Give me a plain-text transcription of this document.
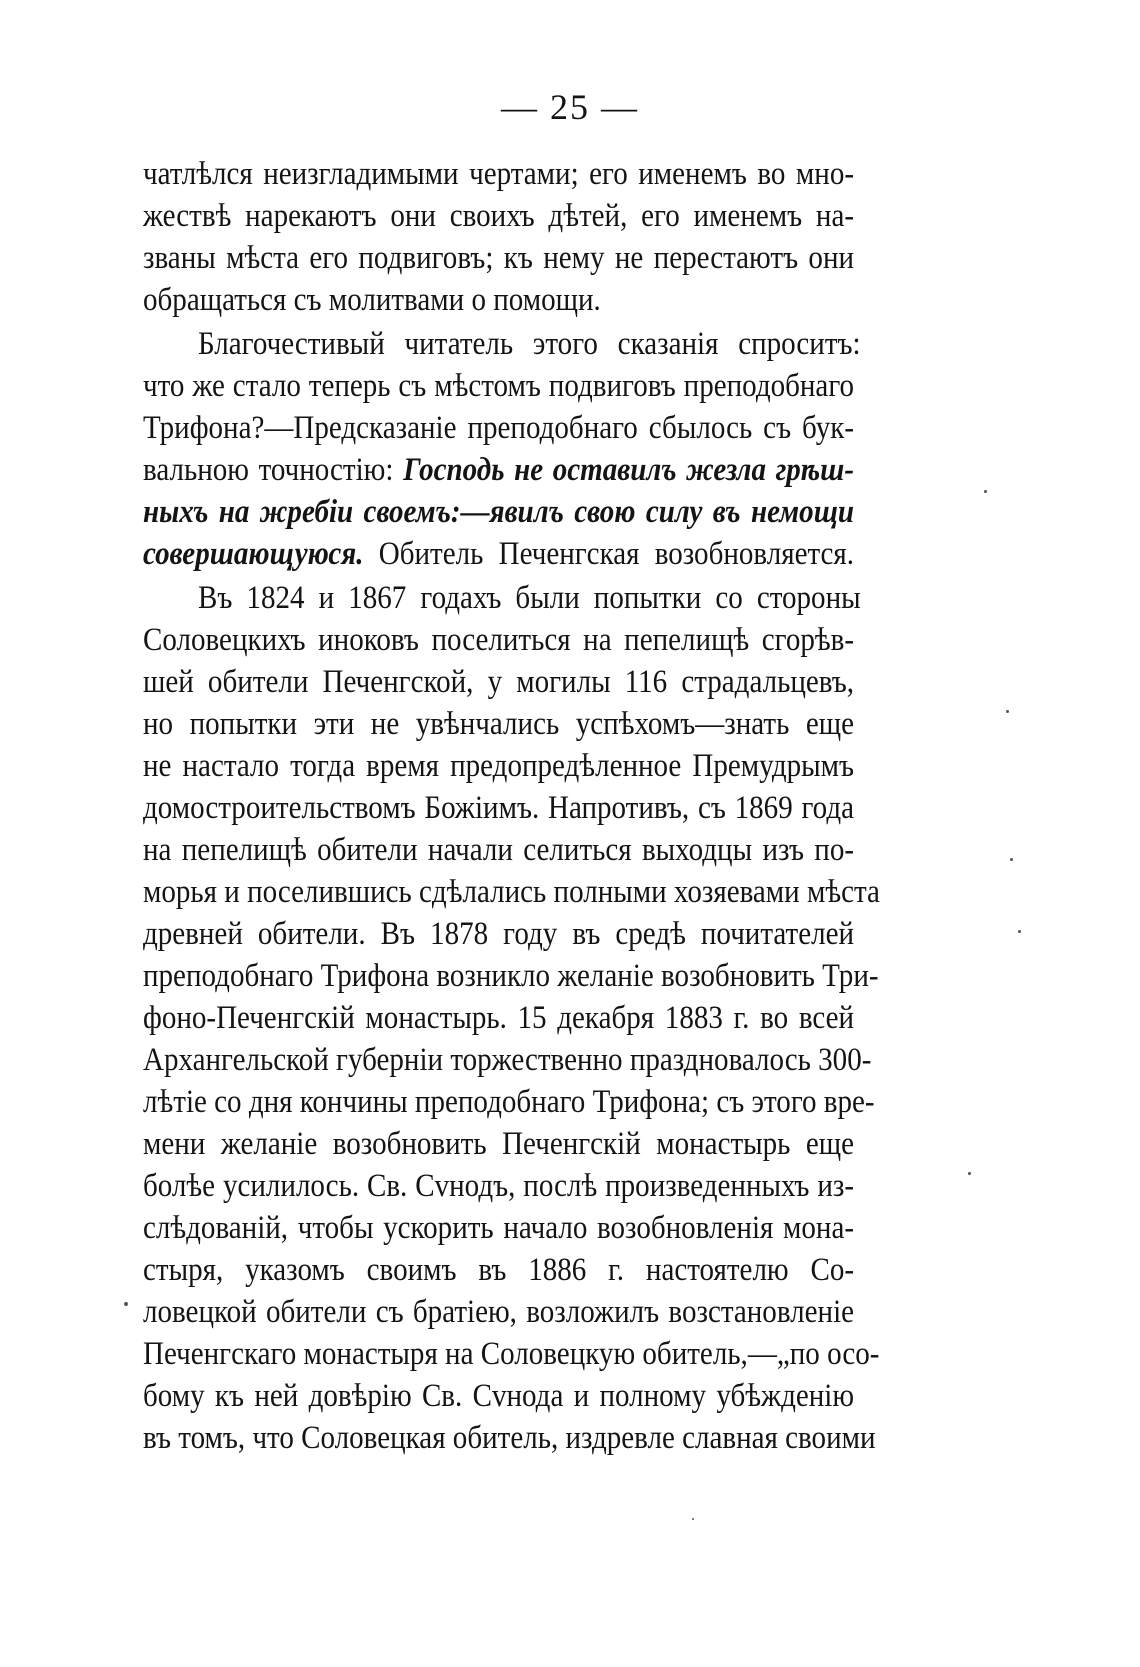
— 25 —
чатлѣлся неизгладимыми чертами; его именемъ во мно-
жествѣ нарекаютъ они своихъ дѣтей, его именемъ на-
званы мѣста его подвиговъ; къ нему не перестаютъ они
обращаться съ молитвами о помощи.
Благочестивый читатель этого сказанія спроситъ:
что же стало теперь съ мѣстомъ подвиговъ преподобнаго
Трифона?—Предсказаніе преподобнаго сбылось съ бук-
вальною точностію: Господь не оставилъ жезла грѣш-
ныхъ на жребіи своемъ:—явилъ свою силу въ немощи
совершающуюся. Обитель Печенгская возобновляется.
Въ 1824 и 1867 годахъ были попытки со стороны
Соловецкихъ иноковъ поселиться на пепелищѣ сгорѣв-
шей обители Печенгской, у могилы 116 страдальцевъ,
но попытки эти не увѣнчались успѣхомъ—знать еще
не настало тогда время предопредѣленное Премудрымъ
домостроительствомъ Божіимъ. Напротивъ, съ 1869 года
на пепелищѣ обители начали селиться выходцы изъ по-
морья и поселившись сдѣлались полными хозяевами мѣста
древней обители. Въ 1878 году въ средѣ почитателей
преподобнаго Трифона возникло желаніе возобновить Три-
фоно-Печенгскій монастырь. 15 декабря 1883 г. во всей
Архангельской губерніи торжественно праздновалось 300-
лѣтіе со дня кончины преподобнаго Трифона; съ этого вре-
мени желаніе возобновить Печенгскій монастырь еще
болѣе усилилось. Св. Сvнодъ, послѣ произведенныхъ из-
слѣдованій, чтобы ускорить начало возобновленія мона-
стыря, указомъ своимъ въ 1886 г. настоятелю Со-
ловецкой обители съ братіею, возложилъ возстановленіе
Печенгскаго монастыря на Соловецкую обитель,—„по осо-
бому къ ней довѣрію Св. Сvнода и полному убѣжденію
въ томъ, что Соловецкая обитель, издревле славная своими
